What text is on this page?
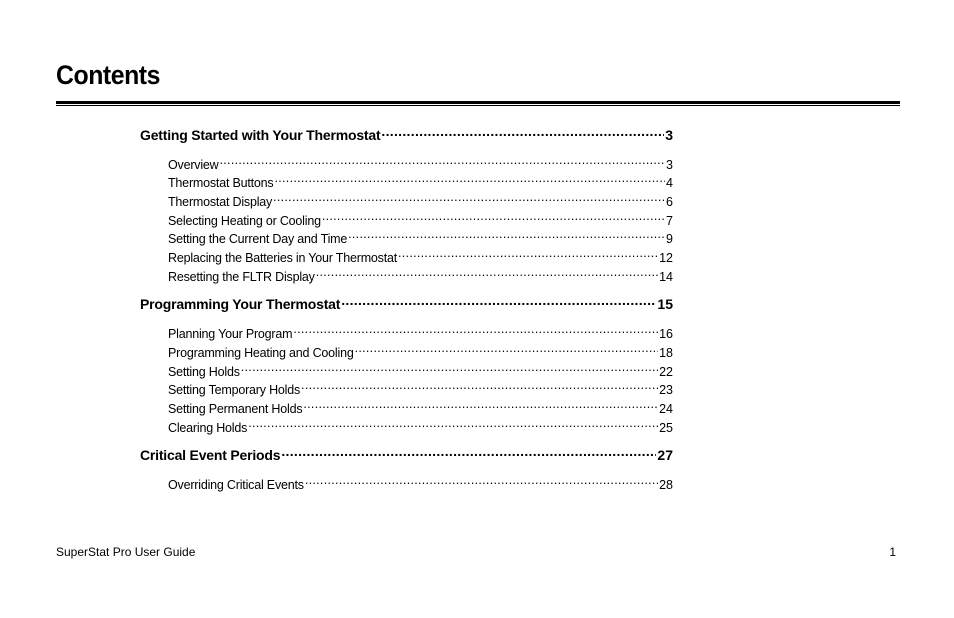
Contents
Getting Started with Your Thermostat .....	3
Overview .....	3
Thermostat Buttons .....	4
Thermostat Display .....	6
Selecting Heating or Cooling .....	7
Setting the Current Day and Time .....	9
Replacing the Batteries in Your Thermostat .....	12
Resetting the FLTR Display .....	14
Programming Your Thermostat .....	15
Planning Your Program .....	16
Programming Heating and Cooling .....	18
Setting Holds .....	22
Setting Temporary Holds .....	23
Setting Permanent Holds .....	24
Clearing Holds .....	25
Critical Event Periods .....	27
Overriding Critical Events .....	28
SuperStat Pro User Guide	1
